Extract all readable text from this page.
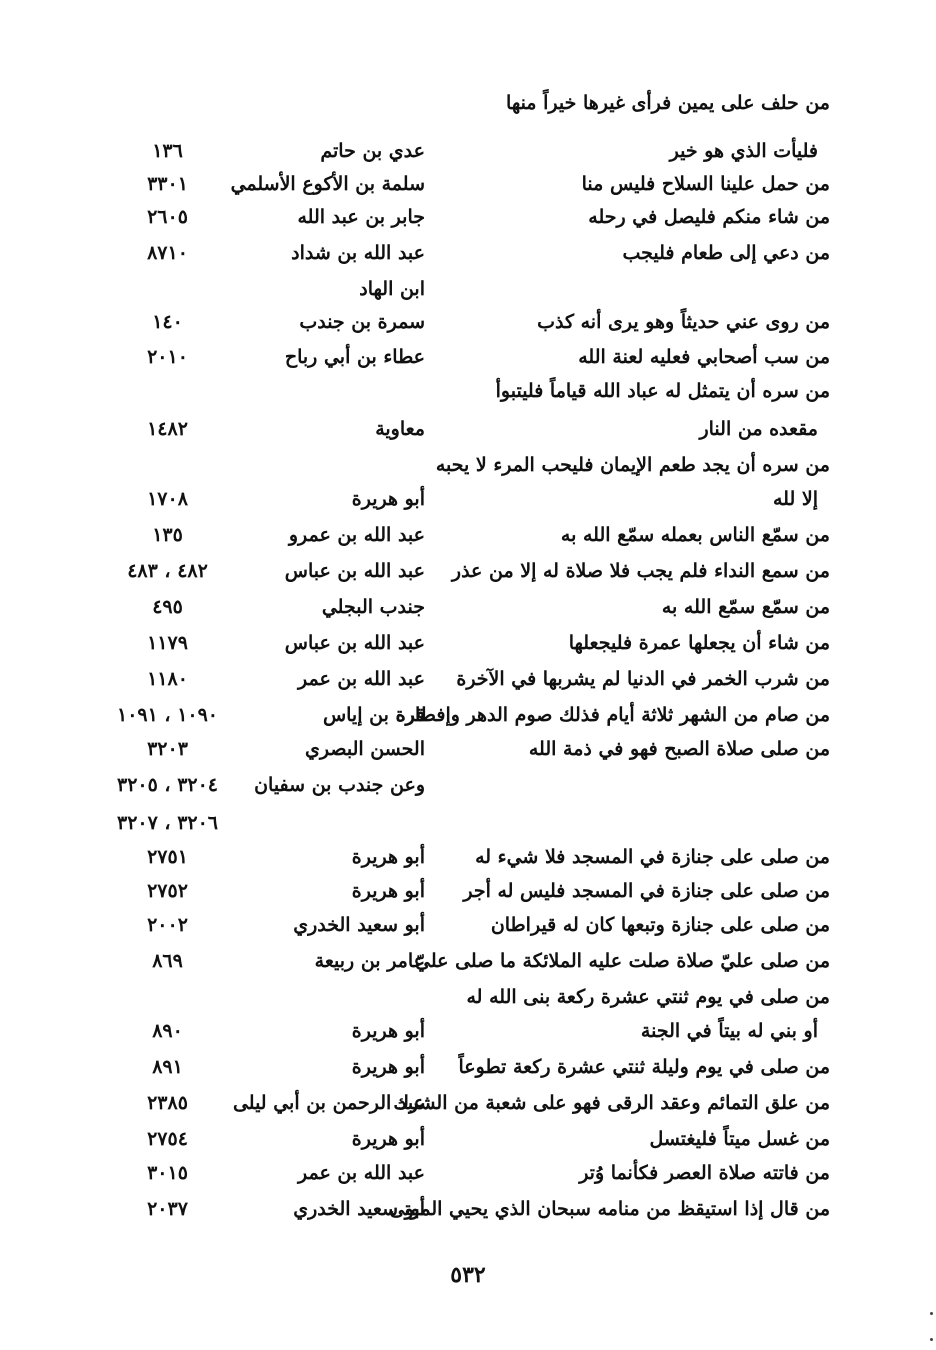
من حلف على يمين فرأى غيرها خيراً منها
فليأت الذي هو خير
عدي بن حاتم
١٣٦
من حمل علينا السلاح فليس منا
سلمة بن الأكوع الأسلمي
٣٣٠١
من شاء منكم فليصل في رحله
جابر بن عبد الله
٢٦٠٥
من دعي إلى طعام فليجب
عبد الله بن شداد
٨٧١٠
ابن الهاد
من روى عني حديثاً وهو يرى أنه كذب
سمرة بن جندب
١٤٠
من سب أصحابي فعليه لعنة الله
عطاء بن أبي رباح
٢٠١٠
من سره أن يتمثل له عباد الله قياماً فليتبوأ
مقعده من النار
معاوية
١٤٨٢
من سره أن يجد طعم الإيمان فليحب المرء لا يحبه
إلا لله
أبو هريرة
١٧٠٨
من سمّع الناس بعمله سمّع الله به
عبد الله بن عمرو
١٣٥
من سمع النداء فلم يجب فلا صلاة له إلا من عذر
عبد الله بن عباس
٤٨٢ ، ٤٨٣
من سمّع سمّع الله به
جندب البجلي
٤٩٥
من شاء أن يجعلها عمرة فليجعلها
عبد الله بن عباس
١١٧٩
من شرب الخمر في الدنيا لم يشربها في الآخرة
عبد الله بن عمر
١١٨٠
من صام من الشهر ثلاثة أيام فذلك صوم الدهر وإفطاره
قرة بن إياس
١٠٩٠ ، ١٠٩١
من صلى صلاة الصبح فهو في ذمة الله
الحسن البصري
٣٢٠٣
وعن جندب بن سفيان
٣٢٠٤ ، ٣٢٠٥
٣٢٠٦ ، ٣٢٠٧
من صلى على جنازة في المسجد فلا شيء له
أبو هريرة
٢٧٥١
من صلى على جنازة في المسجد فليس له أجر
أبو هريرة
٢٧٥٢
من صلى على جنازة وتبعها كان له قيراطان
أبو سعيد الخدري
٢٠٠٢
من صلى عليّ صلاة صلت عليه الملائكة ما صلى عليّ
عامر بن ربيعة
٨٦٩
من صلى في يوم ثنتي عشرة ركعة بنى الله له
أو بني له بيتاً في الجنة
أبو هريرة
٨٩٠
من صلى في يوم وليلة ثنتي عشرة ركعة تطوعاً
أبو هريرة
٨٩١
من علق التمائم وعقد الرقى فهو على شعبة من الشرك
عبد الرحمن بن أبي ليلى
٢٣٨٥
من غسل ميتاً فليغتسل
أبو هريرة
٢٧٥٤
من فاتته صلاة العصر فكأنما وُتر
عبد الله بن عمر
٣٠١٥
من قال إذا استيقظ من منامه سبحان الذي يحيي الموتى
أبو سعيد الخدري
٢٠٣٧
٥٣٢
